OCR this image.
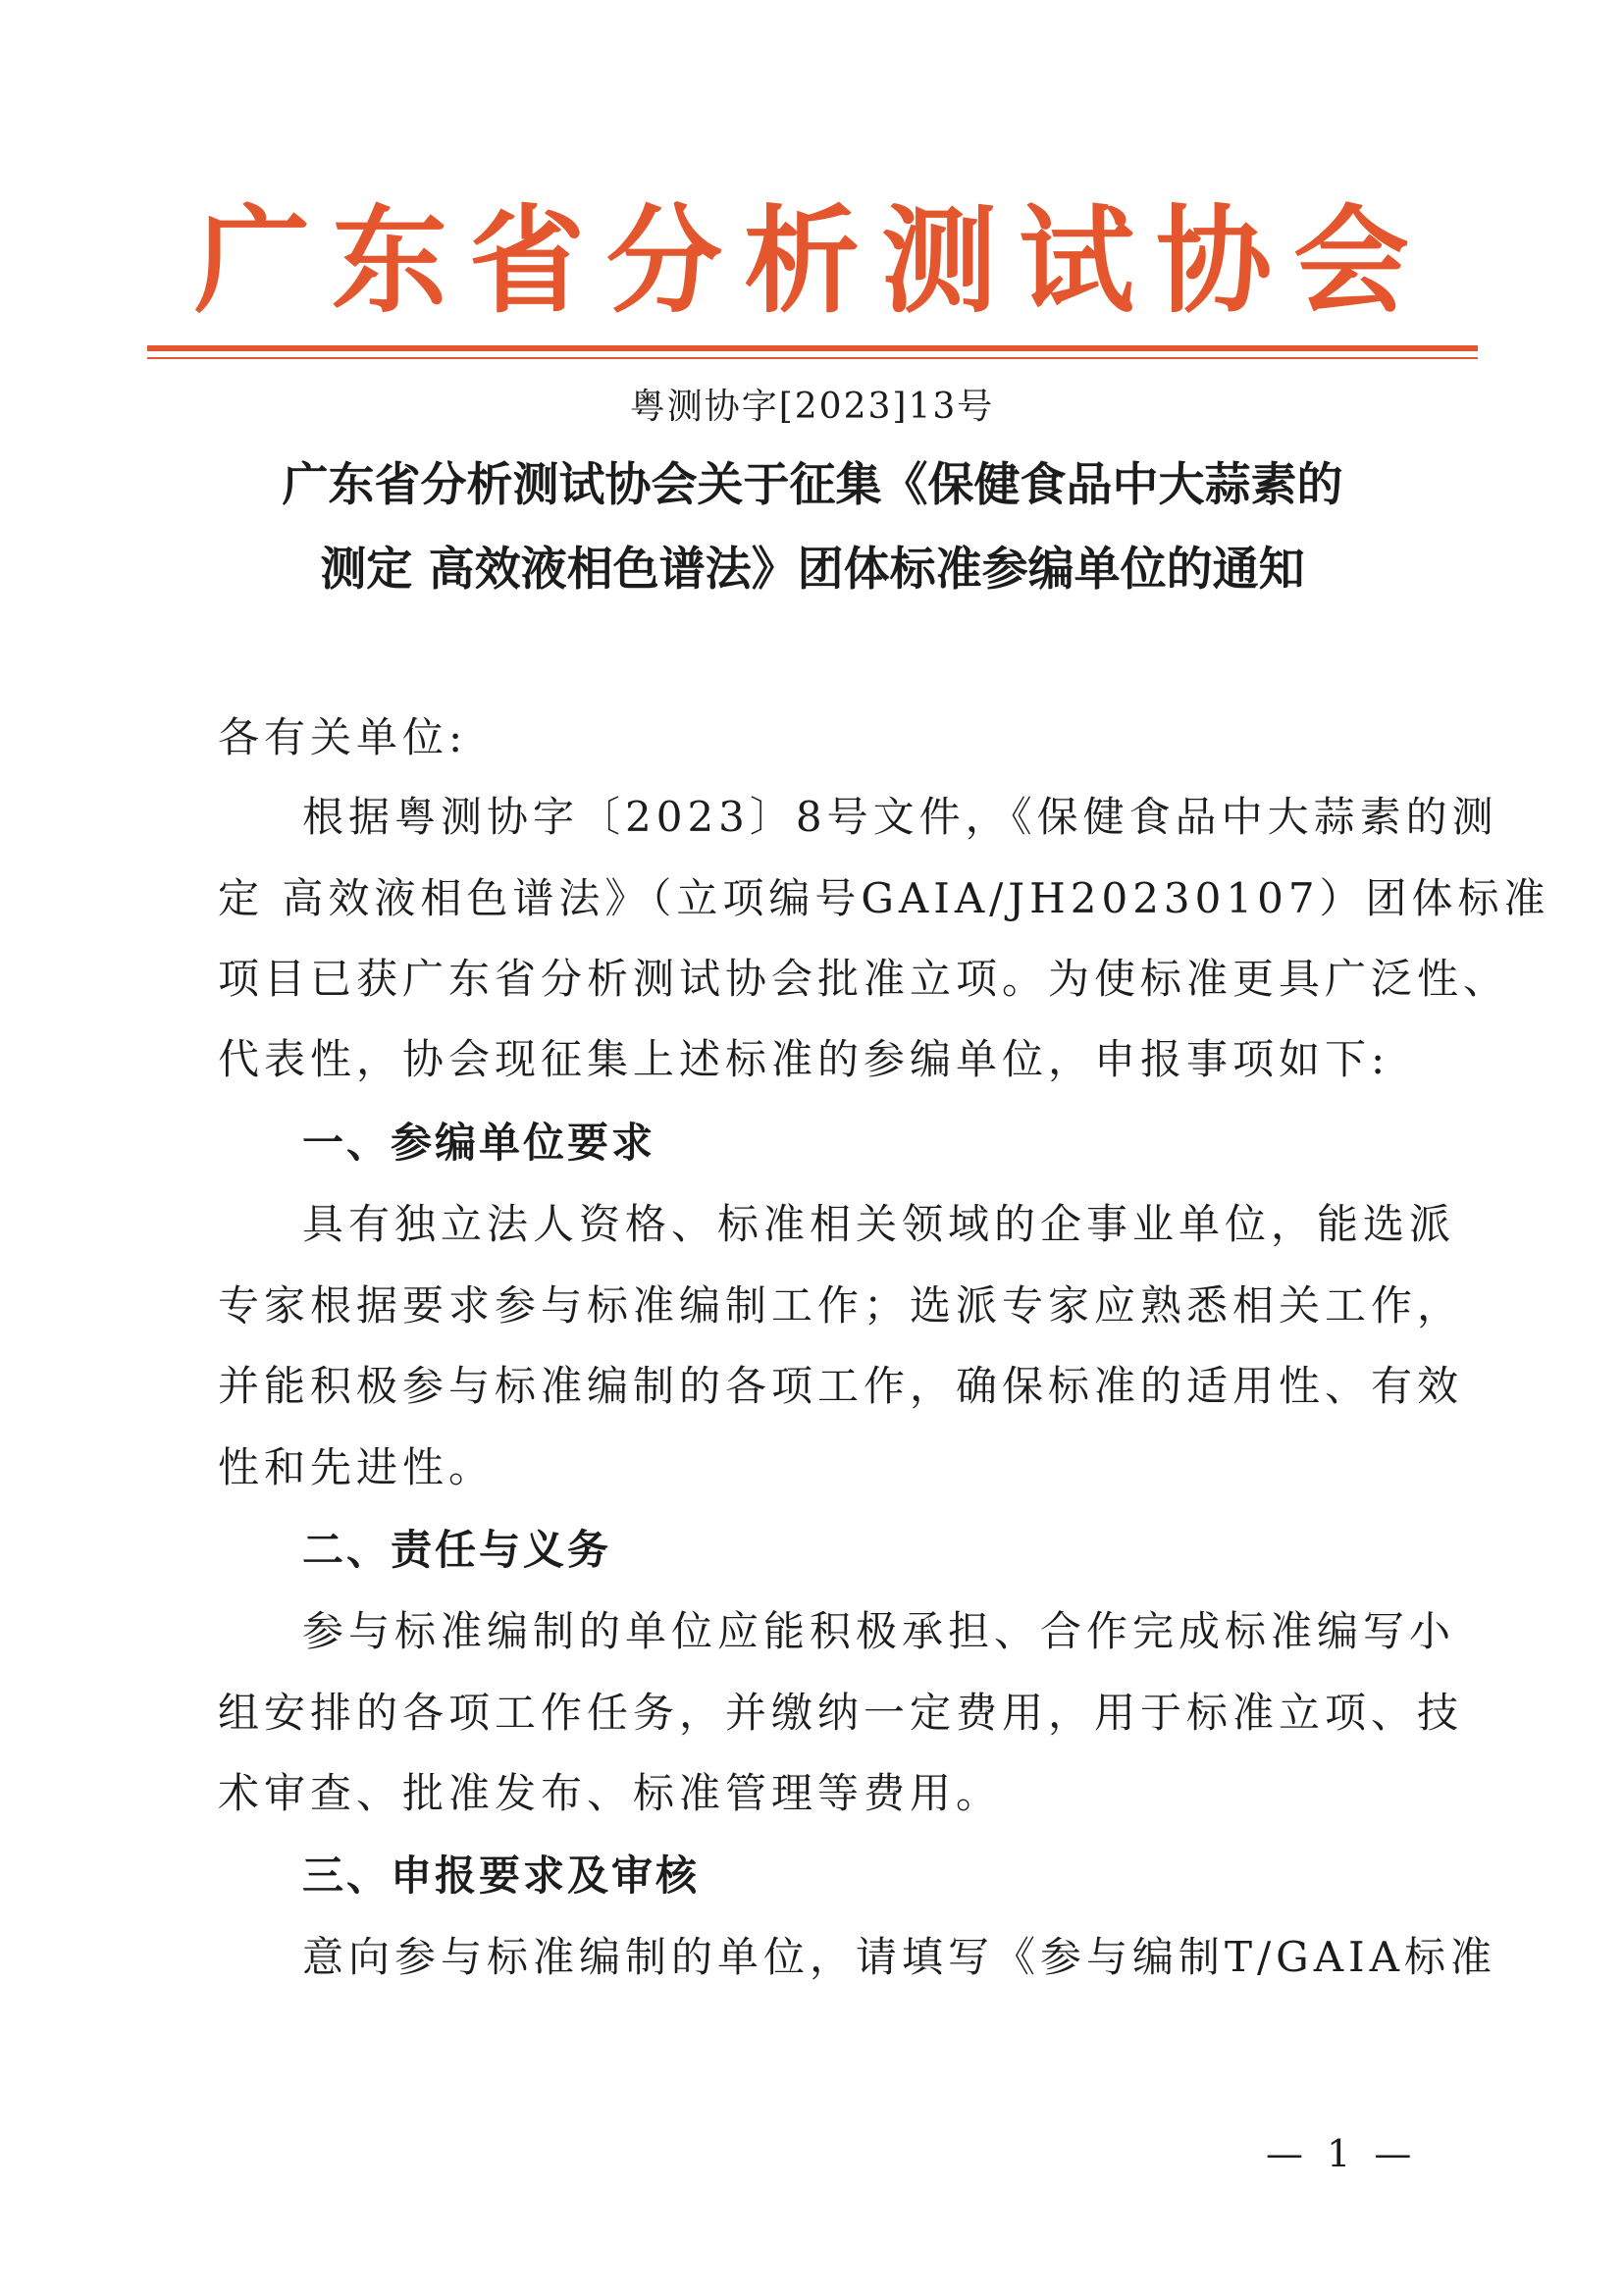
广东省分析测试协会
粤测协字[2023]13号
广东省分析测试协会关于征集《保健食品中大蒜素的
测定 高效液相色谱法》团体标准参编单位的通知
各有关单位:
根据粤测协字〔2023〕8号文件，《保健食品中大蒜素的测
定 高效液相色谱法》（立项编号GAIA/JH20230107）团体标准
项目已获广东省分析测试协会批准立项。为使标准更具广泛性、
代表性，协会现征集上述标准的参编单位，申报事项如下:
一、参编单位要求
具有独立法人资格、标准相关领域的企事业单位，能选派
专家根据要求参与标准编制工作；选派专家应熟悉相关工作，
并能积极参与标准编制的各项工作，确保标准的适用性、有效
性和先进性。
二、责任与义务
参与标准编制的单位应能积极承担、合作完成标准编写小
组安排的各项工作任务，并缴纳一定费用，用于标准立项、技
术审查、批准发布、标准管理等费用。
三、申报要求及审核
意向参与标准编制的单位，请填写《参与编制T/GAIA标准
— 1 —
